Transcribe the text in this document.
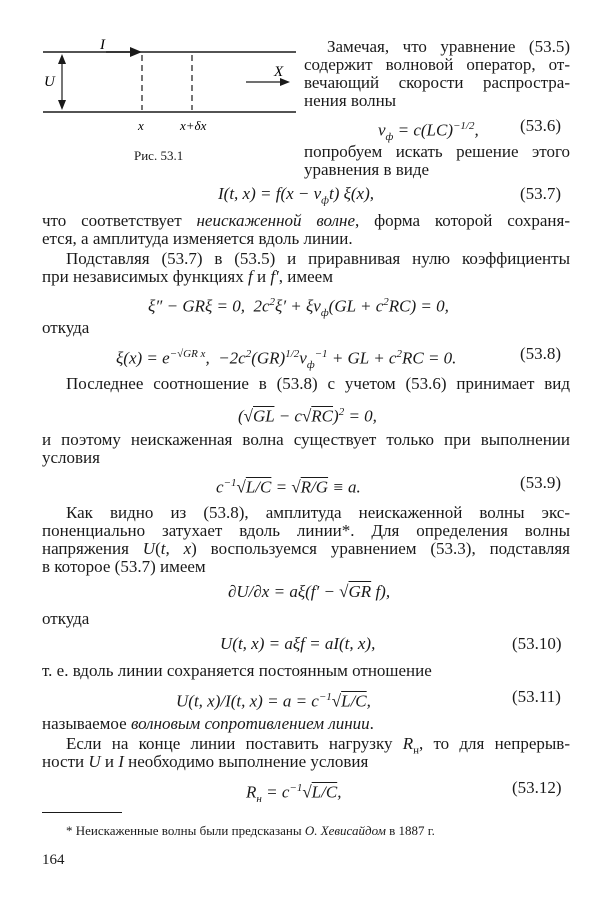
I
U
X
x	x+δx
Рис. 53.1
Замечая, что уравнение (53.5)
содержит волновой оператор, от-
вечающий скорости распростра-
нения волны
$v_ф = c(LC)^{-1/2}$, (53.6)
попробуем искать решение этого
уравнения в виде
I(t, $x) = f(x - v_фt)$ ξ(x),	(53.7)
что соответствует неискаженной волне, форма которой сохраня-
ется, а амплитуда изменяется вдоль линии.
Подставляя (53.7) в (53.5) и приравнивая нулю коэффициенты
при независимых функциях f и f′, имеем
ξ″ − GRξ = 0,  $2c^2\xi' + \xi v_ф(GL + c^2RC) = 0$,
откуда
$\xi(x) = e^{-√GR x}$,  $-2c^2(GR)^{1/2}v_ф^{-1}$ + GL + $c^2RC = 0$.	(53.8)
Последнее соотношение в (53.8) с учетом (53.6) принимает вид
$(√GL - c√RC)^2 = 0$,
и поэтому неискаженная волна существует только при выполнении
условия
$c^{-1}√L/C = √R/G \equiv a$.	(53.9)
Как видно из (53.8), амплитуда неискаженной волны экс-
поненциально затухает вдоль линии*. Для определения волны
напряжения U(t, x) воспользуемся уравнением (53.3), подставляя
в которое (53.7) имеем
∂U/∂x = aξ(f′ − √GR f),
откуда
U(t, x) = aξf = aI(t, x),	(53.10)
т. е. вдоль линии сохраняется постоянным отношение
U(t, x)/I(t, $x) = a = c^{-1}√L/C$,	(53.11)
называемое волновым сопротивлением линии.
Если на конце линии поставить нагрузку $R_н$, то для непрерыв-
ности U и I необходимо выполнение условия
$R_н = c^{-1}√L/C$,	(53.12)
* Неискаженные волны были предсказаны О. Хевисайдом в 1887 г.
164
